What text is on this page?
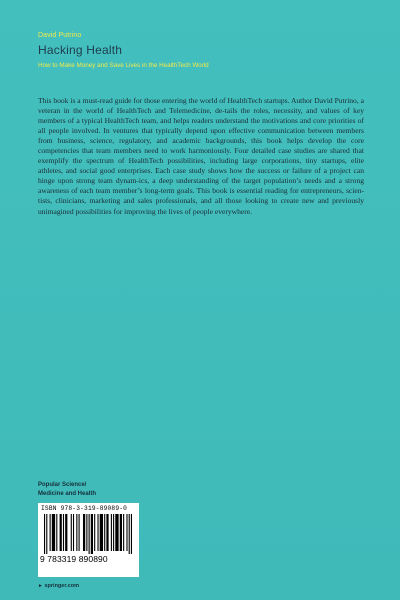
David Putrino
Hacking Health
How to Make Money and Save Lives in the HealthTech World
This book is a must-read guide for those entering the world of HealthTech startups. Author David Putrino, a veteran in the world of HealthTech and Telemedicine, de-tails the roles, necessity, and values of key members of a typical HealthTech team, and helps readers understand the motivations and core priorities of all people involved. In ventures that typically depend upon effective communication between members from business, science, regulatory, and academic backgrounds, this book helps develop the core competencies that team members need to work harmoniously. Four detailed case studies are shared that exemplify the spectrum of HealthTech possibilities, including large corporations, tiny startups, elite athletes, and social good enterprises. Each case study shows how the success or failure of a project can hinge upon strong team dynam-ics, a deep understanding of the target population’s needs and a strong awareness of each team member’s long-term goals. This book is essential reading for entrepreneurs, scien-tists, clinicians, marketing and sales professionals, and all those looking to create new and previously unimagined possibilities for improving the lives of people everywhere.
Popular Science/
Medicine and Health
ISBN 978-3-319-89089-0
9 783319 890890
► springer.com
